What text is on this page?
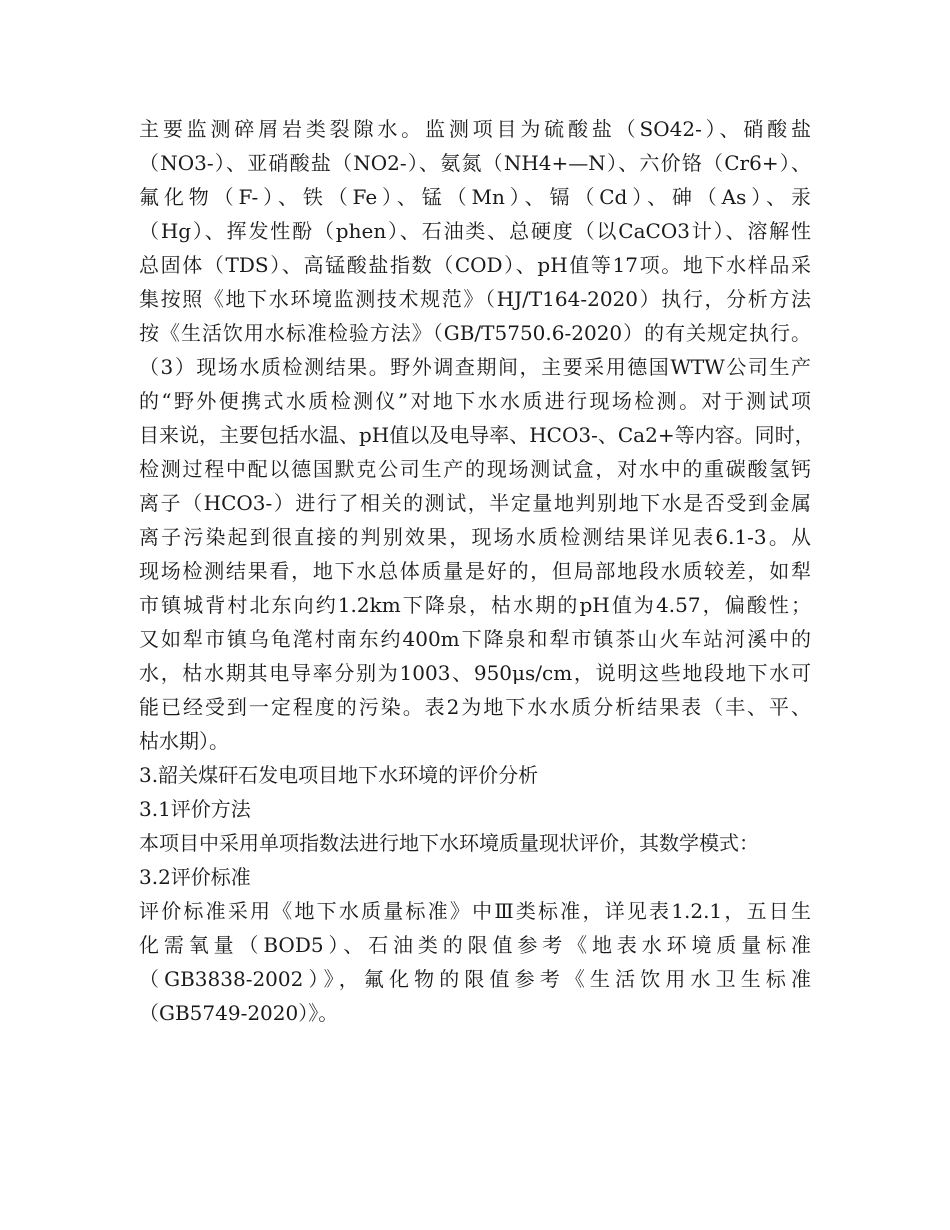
主要监测碎屑岩类裂隙水。监测项目为硫酸盐（SO42-）、硝酸盐
（NO3-）、亚硝酸盐（NO2-）、氨氮（NH4+—N）、六价铬（Cr6+）、
氟化物（F-）、铁（Fe）、锰（Mn）、镉（Cd）、砷（As）、汞
（Hg）、挥发性酚（phen）、石油类、总硬度（以CaCO3计）、溶解性
总固体（TDS）、高锰酸盐指数（COD）、pH值等17项。地下水样品采
集按照《地下水环境监测技术规范》（HJ/T164-2020）执行，分析方法
按《生活饮用水标准检验方法》（GB/T5750.6-2020）的有关规定执行。
（3）现场水质检测结果。野外调查期间，主要采用德国WTW公司生产
的“野外便携式水质检测仪”对地下水水质进行现场检测。对于测试项
目来说，主要包括水温、pH值以及电导率、HCO3-、Ca2+等内容。同时，
检测过程中配以德国默克公司生产的现场测试盒，对水中的重碳酸氢钙
离子（HCO3-）进行了相关的测试，半定量地判别地下水是否受到金属
离子污染起到很直接的判别效果，现场水质检测结果详见表6.1-3。从
现场检测结果看，地下水总体质量是好的，但局部地段水质较差，如犁
市镇城背村北东向约1.2km下降泉，枯水期的pH值为4.57，偏酸性；
又如犁市镇乌龟滗村南东约400m下降泉和犁市镇茶山火车站河溪中的
水，枯水期其电导率分别为1003、950μs/cm，说明这些地段地下水可
能已经受到一定程度的污染。表2为地下水水质分析结果表（丰、平、
枯水期）。
3.韶关煤矸石发电项目地下水环境的评价分析
3.1评价方法
本项目中采用单项指数法进行地下水环境质量现状评价，其数学模式：
3.2评价标准
评价标准采用《地下水质量标准》中Ⅲ类标准，详见表1.2.1，五日生
化需氧量（BOD5）、石油类的限值参考《地表水环境质量标准
（GB3838-2002）》，氟化物的限值参考《生活饮用水卫生标准
（GB5749-2020）》。
